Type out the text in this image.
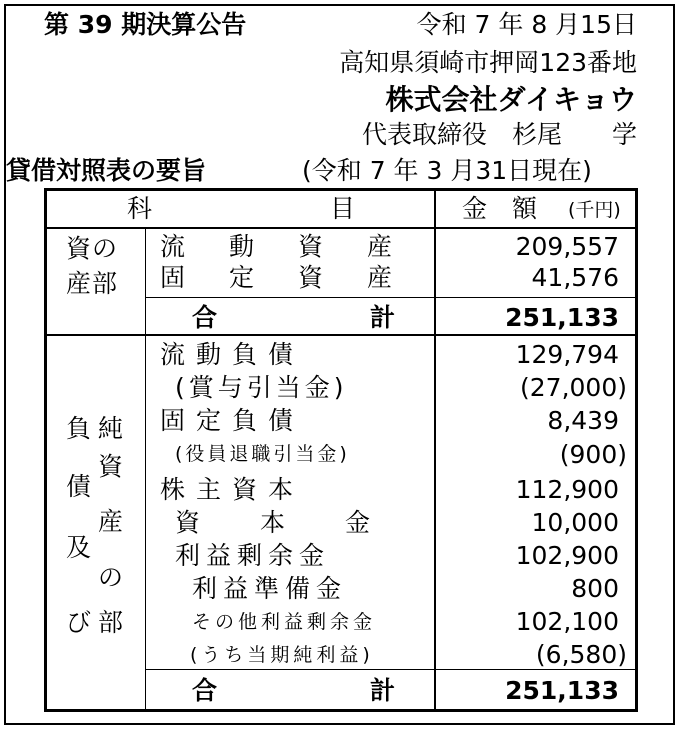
第 39 期決算公告	令和 7 年 8 月15日
高知県須崎市押岡123番地
株式会社ダイキョウ
代表取締役　杉尾　　学
貸借対照表の要旨	(令和 7 年 3 月31日現在)
科	目	金　額 (千円)
資の
産部
流 動 資 産	209,557
固 定 資 産	41,576
合	計	251,133
負
債
及
び
純
資
産
の
部
流動負債	129,794
(賞与引当金)	(27,000)
固定負債	8,439
(役員退職引当金)	(900)
株主資本	112,900
資本金	10,000
利益剰余金	102,900
利益準備金	800
その他利益剰余金	102,100
(うち当期純利益)	(6,580)
合	計	251,133
